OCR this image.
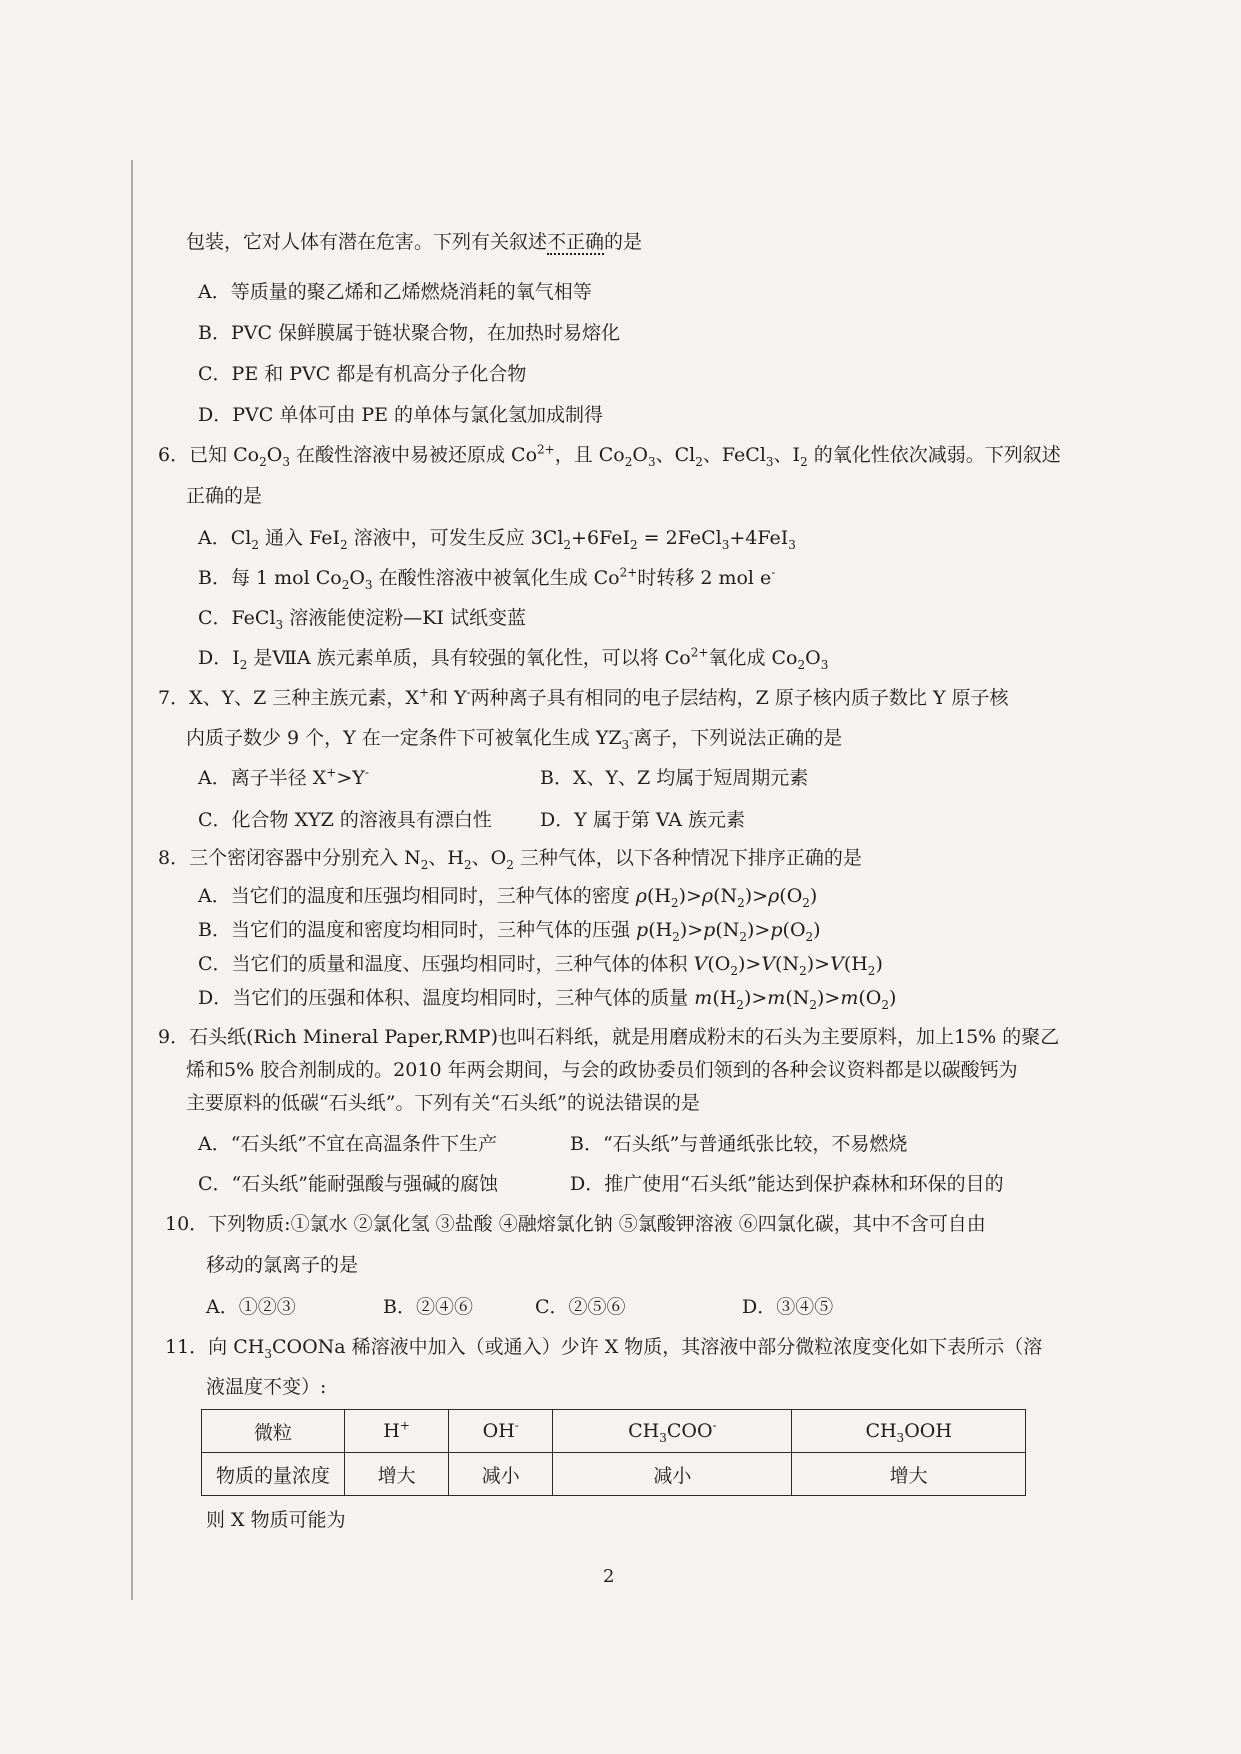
包装，它对人体有潜在危害。下列有关叙述不正确的是
A．等质量的聚乙烯和乙烯燃烧消耗的氧气相等
B．PVC 保鲜膜属于链状聚合物，在加热时易熔化
C．PE 和 PVC 都是有机高分子化合物
D．PVC 单体可由 PE 的单体与氯化氢加成制得
6．已知 $Co_2O_3$ 在酸性溶液中易被还原成 $Co^{2+}$，且 $Co_2O_3$、$Cl_2$、FeCl$_3$、$I_2$ 的氧化性依次减弱。下列叙述
正确的是
A．$Cl_2$ 通入 FeI$_2$ 溶液中，可发生反应 $3Cl_2+6FeI_2$ = 2FeCl$_3$+4FeI$_3$
B．每 1 mol $Co_2O_3$ 在酸性溶液中被氧化生成 $Co^{2+}$时转移 2 mol e-
C．FeCl$_3$ 溶液能使淀粉—KI 试纸变蓝
D．$I_2$ 是ⅦA 族元素单质，具有较强的氧化性，可以将 $Co^{2+}$氧化成 $Co_2O_3$
7．X、Y、Z 三种主族元素，X+和 Y-两种离子具有相同的电子层结构，Z 原子核内质子数比 Y 原子核
内质子数少 9 个，Y 在一定条件下可被氧化生成 $YZ_3^-$离子，下列说法正确的是
A．离子半径 X+>Y-	B．X、Y、Z 均属于短周期元素
C．化合物 XYZ 的溶液具有漂白性	D．Y 属于第 VA 族元素
8．三个密闭容器中分别充入 $N_2$、$H_2$、$O_2$ 三种气体，以下各种情况下排序正确的是
A．当它们的温度和压强均相同时，三种气体的密度 $\rho(H_2)>\rho(N_2)>\rho(O_2)$
B．当它们的温度和密度均相同时，三种气体的压强 $p(H_2)>p(N_2)>p(O_2)$
C．当它们的质量和温度、压强均相同时，三种气体的体积 $V(O_2)>V(N_2)>V(H_2)$
D．当它们的压强和体积、温度均相同时，三种气体的质量 $m(H_2)>m(N_2)>m(O_2)$
9．石头纸(Rich Mineral Paper,RMP)也叫石料纸，就是用磨成粉末的石头为主要原料，加上15% 的聚乙
烯和5% 胶合剂制成的。2010 年两会期间，与会的政协委员们领到的各种会议资料都是以碳酸钙为
主要原料的低碳“石头纸”。下列有关“石头纸”的说法错误的是
A．“石头纸”不宜在高温条件下生产	B．“石头纸”与普通纸张比较，不易燃烧
C．“石头纸”能耐强酸与强碱的腐蚀	D．推广使用“石头纸”能达到保护森林和环保的目的
10．下列物质:①氯水 ②氯化氢 ③盐酸 ④融熔氯化钠 ⑤氯酸钾溶液 ⑥四氯化碳，其中不含可自由
移动的氯离子的是
A．①②③	B．②④⑥	C．②⑤⑥	D．③④⑤
11．向 $CH_3COONa$ 稀溶液中加入（或通入）少许 X 物质，其溶液中部分微粒浓度变化如下表所示（溶
液温度不变）:
微粒	H+	OH-	$CH_3COO^-$	$CH_3OOH$
物质的量浓度	增大	减小	减小	增大
则 X 物质可能为
2
